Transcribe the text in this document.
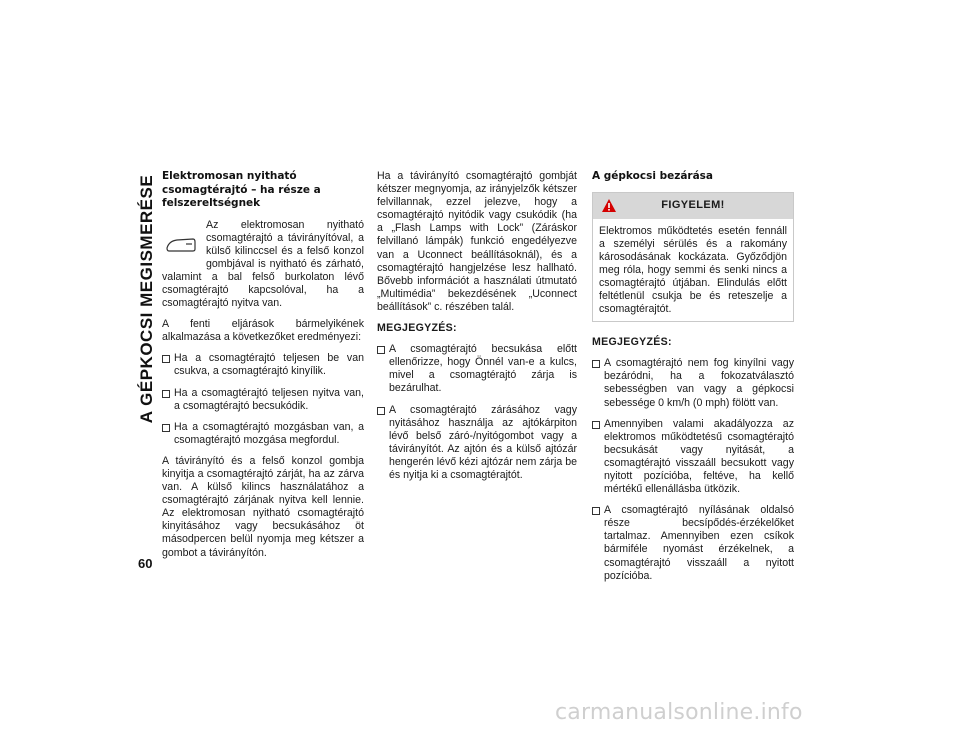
A GÉPKOCSI MEGISMERÉSE
60
Elektromosan nyitható csomagtérajtó – ha része a felszereltségnek

Az elektromosan nyitható csomagtérajtó a távirányítóval, a külső kilinccsel és a felső konzol gombjával is nyitható és zárható, valamint a bal felső burkolaton lévő csomagtérajtó kapcsolóval, ha a csomagtérajtó nyitva van.

A fenti eljárások bármelyikének alkalmazása a következőket eredményezi:

Ha a csomagtérajtó teljesen be van csukva, a csomagtérajtó kinyílik.
Ha a csomagtérajtó teljesen nyitva van, a csomagtérajtó becsukódik.
Ha a csomagtérajtó mozgásban van, a csomagtérajtó mozgása megfordul.

A távirányító és a felső konzol gombja kinyitja a csomagtérajtó zárját, ha az zárva van. A külső kilincs használatához a csomagtérajtó zárjának nyitva kell lennie. Az elektromosan nyitható csomagtérajtó kinyitásához vagy becsukásához öt másodpercen belül nyomja meg kétszer a gombot a távirányítón.

Ha a távirányító csomagtérajtó gombját kétszer megnyomja, az irányjelzők kétszer felvillannak, ezzel jelezve, hogy a csomagtérajtó nyitódik vagy csukódik (ha a „Flash Lamps with Lock” (Záráskor felvillanó lámpák) funkció engedélyezve van a Uconnect beállításoknál), és a csomagtérajtó hangjelzése lesz hallható. Bővebb információt a használati útmutató „Multimédia” bekezdésének „Uconnect beállítások” c. részében talál.

MEGJEGYZÉS:
A csomagtérajtó becsukása előtt ellenőrizze, hogy Önnél van-e a kulcs, mivel a csomagtérajtó zárja is bezárulhat.
A csomagtérajtó zárásához vagy nyitásához használja az ajtókárpiton lévő belső záró-/nyitógombot vagy a távirányítót. Az ajtón és a külső ajtózár hengerén lévő kézi ajtózár nem zárja be és nyitja ki a csomagtérajtót.
A gépkocsi bezárása
FIGYELEM!
Elektromos működtetés esetén fennáll a személyi sérülés és a rakomány károsodásának kockázata. Győződjön meg róla, hogy semmi és senki nincs a csomagtérajtó útjában. Elindulás előtt feltétlenül csukja be és reteszelje a csomagtérajtót.
MEGJEGYZÉS:
A csomagtérajtó nem fog kinyílni vagy bezáródni, ha a fokozatválasztó sebességben van vagy a gépkocsi sebessége 0 km/h (0 mph) fölött van.
Amennyiben valami akadályozza az elektromos működtetésű csomagtérajtó becsukását vagy nyitását, a csomagtérajtó visszaáll becsukott vagy nyitott pozícióba, feltéve, ha kellő mértékű ellenállásba ütközik.
A csomagtérajtó nyílásának oldalsó része becsípődés-érzékelőket tartalmaz. Amennyiben ezen csíkok bármiféle nyomást érzékelnek, a csomagtérajtó visszaáll a nyitott pozícióba.
carmanualsonline.info
